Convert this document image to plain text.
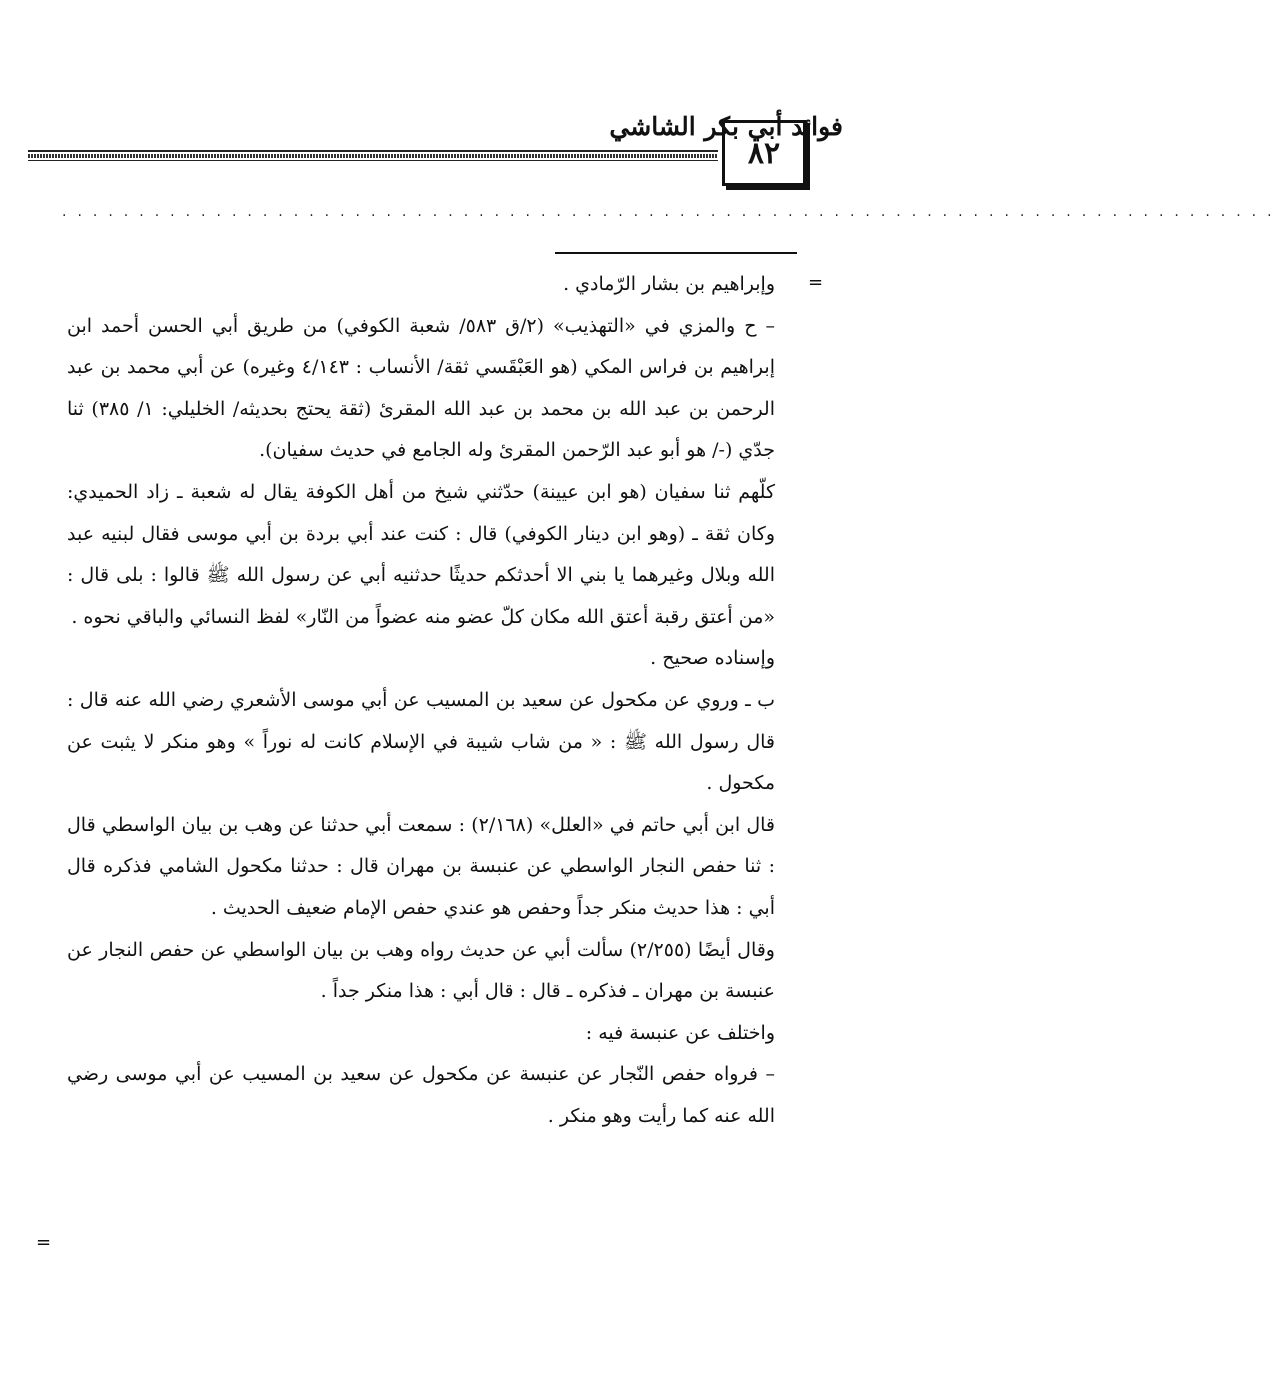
فوائد أبي بكر الشاشي
٨٢
...............................................................................
=
=

وإبراهيم بن بشار الرّمادي .

– ح والمزي في «التهذيب» (٢/ق ٥٨٣/ شعبة الكوفي) من طريق أبي الحسن أحمد ابن إبراهيم بن فراس المكي (هو العَبْقَسي ثقة/ الأنساب : ٤/١٤٣ وغيره) عن أبي محمد بن عبد الرحمن بن عبد الله بن محمد بن عبد الله المقرئ (ثقة يحتج بحديثه/ الخليلي: ١/ ٣٨٥) ثنا جدّي (-/ هو أبو عبد الرّحمن المقرئ وله الجامع في حديث سفيان).

كلّهم ثنا سفيان (هو ابن عيينة) حدّثني شيخ من أهل الكوفة يقال له شعبة ـ زاد الحميدي: وكان ثقة ـ (وهو ابن دينار الكوفي) قال : كنت عند أبي بردة بن أبي موسى فقال لبنيه عبد الله وبلال وغيرهما يا بني الا أحدثكم حديثًا حدثنيه أبي عن رسول الله ﷺ قالوا : بلى قال : «من أعتق رقبة أعتق الله مكان كلّ عضو منه عضواً من النّار» لفظ النسائي والباقي نحوه .

وإسناده صحيح .

ب ـ وروي عن مكحول عن سعيد بن المسيب عن أبي موسى الأشعري رضي الله عنه قال : قال رسول الله ﷺ : « من شاب شيبة في الإسلام كانت له نوراً » وهو منكر لا يثبت عن مكحول .

قال ابن أبي حاتم في «العلل» (٢/١٦٨) : سمعت أبي حدثنا عن وهب بن بيان الواسطي قال : ثنا حفص النجار الواسطي عن عنبسة بن مهران قال : حدثنا مكحول الشامي فذكره قال أبي : هذا حديث منكر جداً وحفص هو عندي حفص الإمام ضعيف الحديث .

وقال أيضًا (٢/٢٥٥) سألت أبي عن حديث رواه وهب بن بيان الواسطي عن حفص النجار عن عنبسة بن مهران ـ فذكره ـ قال : قال أبي : هذا منكر جداً .

واختلف عن عنبسة فيه :

– فرواه حفص النّجار عن عنبسة عن مكحول عن سعيد بن المسيب عن أبي موسى رضي الله عنه كما رأيت وهو منكر .
